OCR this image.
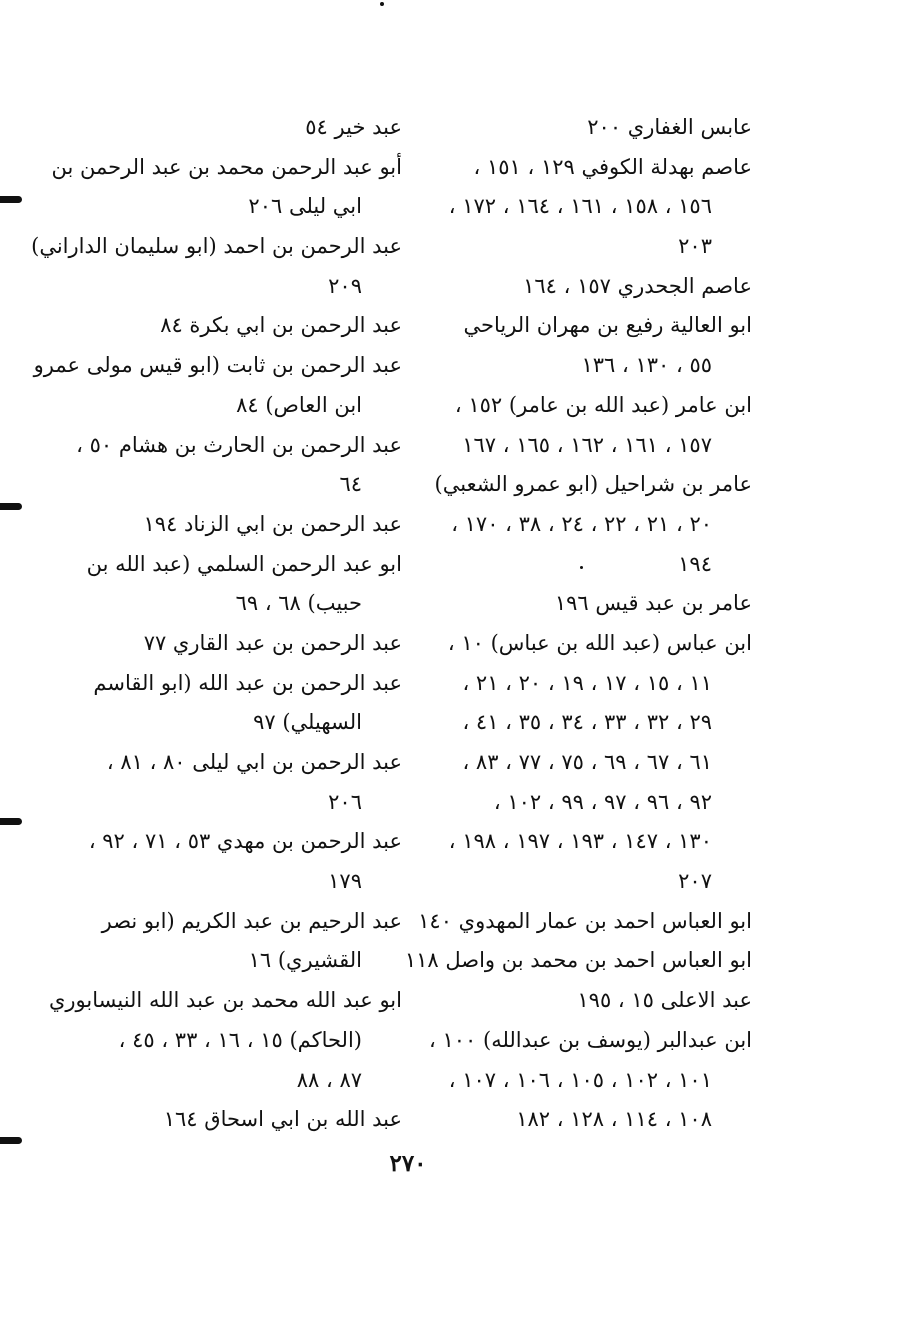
عابس الغفاري ٢٠٠
عاصم بهدلة الكوفي ١٢٩ ، ١٥١ ،
١٥٦ ، ١٥٨ ، ١٦١ ، ١٦٤ ، ١٧٢ ،
٢٠٣
عاصم الجحدري ١٥٧ ، ١٦٤
ابو العالية رفيع بن مهران الرياحي
٥٥ ، ١٣٠ ، ١٣٦
ابن عامر (عبد الله بن عامر) ١٥٢ ،
١٥٧ ، ١٦١ ، ١٦٢ ، ١٦٥ ، ١٦٧
عامر بن شراحيل (ابو عمرو الشعبي)
٢٠ ، ٢١ ، ٢٢ ، ٢٤ ، ٣٨ ، ١٧٠ ،
١٩٤
عامر بن عبد قيس ١٩٦
ابن عباس (عبد الله بن عباس) ١٠ ،
١١ ، ١٥ ، ١٧ ، ١٩ ، ٢٠ ، ٢١ ،
٢٩ ، ٣٢ ، ٣٣ ، ٣٤ ، ٣٥ ، ٤١ ،
٦١ ، ٦٧ ، ٦٩ ، ٧٥ ، ٧٧ ، ٨٣ ،
٩٢ ، ٩٦ ، ٩٧ ، ٩٩ ، ١٠٢ ،
١٣٠ ، ١٤٧ ، ١٩٣ ، ١٩٧ ، ١٩٨ ،
٢٠٧
ابو العباس احمد بن عمار المهدوي ١٤٠
ابو العباس احمد بن محمد بن واصل ١١٨
عبد الاعلى ١٥ ، ١٩٥
ابن عبدالبر (يوسف بن عبدالله) ١٠٠ ،
١٠١ ، ١٠٢ ، ١٠٥ ، ١٠٦ ، ١٠٧ ،
١٠٨ ، ١١٤ ، ١٢٨ ، ١٨٢
عبد خير ٥٤
أبو عبد الرحمن محمد بن عبد الرحمن بن
ابي ليلى ٢٠٦
عبد الرحمن بن احمد (ابو سليمان الداراني)
٢٠٩
عبد الرحمن بن ابي بكرة ٨٤
عبد الرحمن بن ثابت (ابو قيس مولى عمرو
ابن العاص) ٨٤
عبد الرحمن بن الحارث بن هشام ٥٠ ،
٦٤
عبد الرحمن بن ابي الزناد ١٩٤
ابو عبد الرحمن السلمي (عبد الله بن
حبيب) ٦٨ ، ٦٩
عبد الرحمن بن عبد القاري ٧٧
عبد الرحمن بن عبد الله (ابو القاسم
السهيلي) ٩٧
عبد الرحمن بن ابي ليلى ٨٠ ، ٨١ ،
٢٠٦
عبد الرحمن بن مهدي ٥٣ ، ٧١ ، ٩٢ ،
١٧٩
عبد الرحيم بن عبد الكريم (ابو نصر
القشيري) ١٦
ابو عبد الله محمد بن عبد الله النيسابوري
(الحاكم) ١٥ ، ١٦ ، ٣٣ ، ٤٥ ،
٨٧ ، ٨٨
عبد الله بن ابي اسحاق ١٦٤
٢٧٠
